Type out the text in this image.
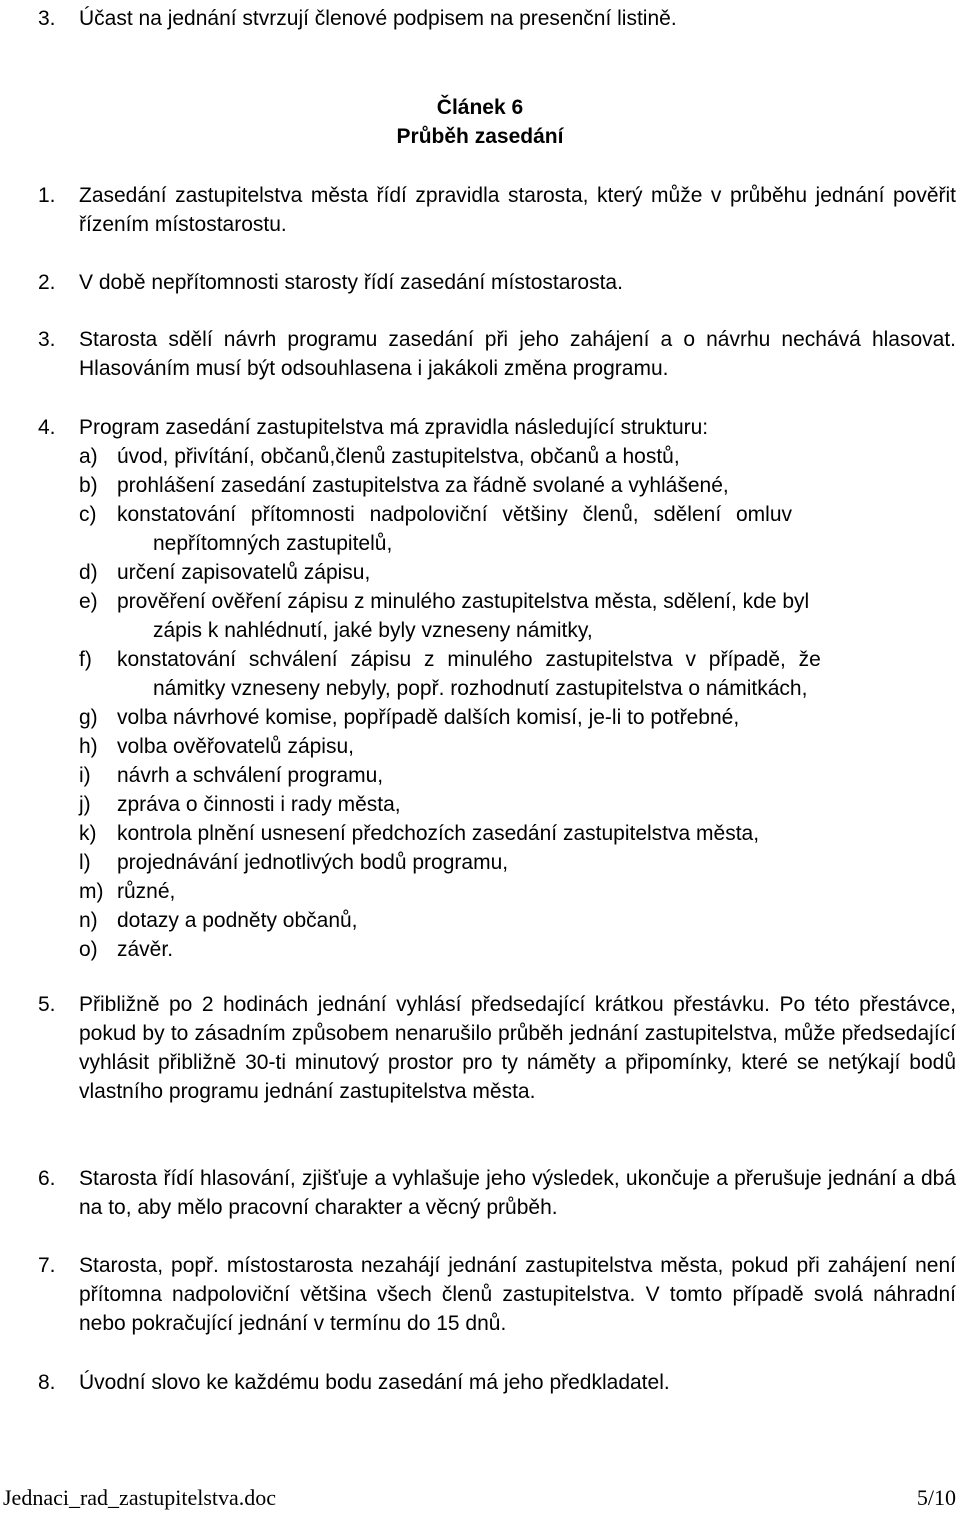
3. Účast na jednání stvrzují členové podpisem na presenční listině.
Článek 6
Průběh zasedání
1. Zasedání zastupitelstva města řídí zpravidla starosta, který může v průběhu jednání pověřit řízením místostarostu.
2. V době nepřítomnosti starosty řídí zasedání místostarosta.
3. Starosta sdělí návrh programu zasedání při jeho zahájení a o návrhu nechává hlasovat. Hlasováním musí být odsouhlasena i jakákoli změna programu.
4. Program zasedání zastupitelstva má zpravidla následující strukturu:
a) úvod, přivítání, občanů,členů zastupitelstva, občanů a hostů,
b) prohlášení zasedání zastupitelstva za řádně svolané a vyhlášené,
c) konstatování přítomnosti nadpoloviční většiny členů, sdělení omluv
nepřítomných zastupitelů,
d) určení zapisovatelů zápisu,
e) prověření ověření zápisu z minulého zastupitelstva města, sdělení, kde byl
zápis k nahlédnutí, jaké byly vzneseny námitky,
f) konstatování schválení zápisu z minulého zastupitelstva v případě, že
námitky vzneseny nebyly, popř. rozhodnutí zastupitelstva o námitkách,
g) volba návrhové komise, popřípadě dalších komisí, je-li to potřebné,
h) volba ověřovatelů zápisu,
i) návrh a schválení programu,
j) zpráva o činnosti i rady města,
k) kontrola plnění usnesení předchozích zasedání zastupitelstva města,
l) projednávání jednotlivých bodů programu,
m) různé,
n) dotazy a podněty občanů,
o) závěr.
5. Přibližně po 2 hodinách jednání vyhlásí předsedající krátkou přestávku. Po této přestávce, pokud by to zásadním způsobem nenarušilo průběh jednání zastupitelstva, může předsedající vyhlásit přibližně 30-ti minutový prostor pro ty náměty a připomínky, které se netýkají bodů vlastního programu jednání zastupitelstva města.
6. Starosta řídí hlasování, zjišťuje a vyhlašuje jeho výsledek, ukončuje a přerušuje jednání a dbá na to, aby mělo pracovní charakter a věcný průběh.
7. Starosta, popř. místostarosta nezahájí jednání zastupitelstva města, pokud při zahájení není přítomna nadpoloviční většina všech členů zastupitelstva. V tomto případě svolá náhradní nebo pokračující jednání v termínu do 15 dnů.
8. Úvodní slovo ke každému bodu zasedání má jeho předkladatel.
Jednaci_rad_zastupitelstva.doc	5/10
